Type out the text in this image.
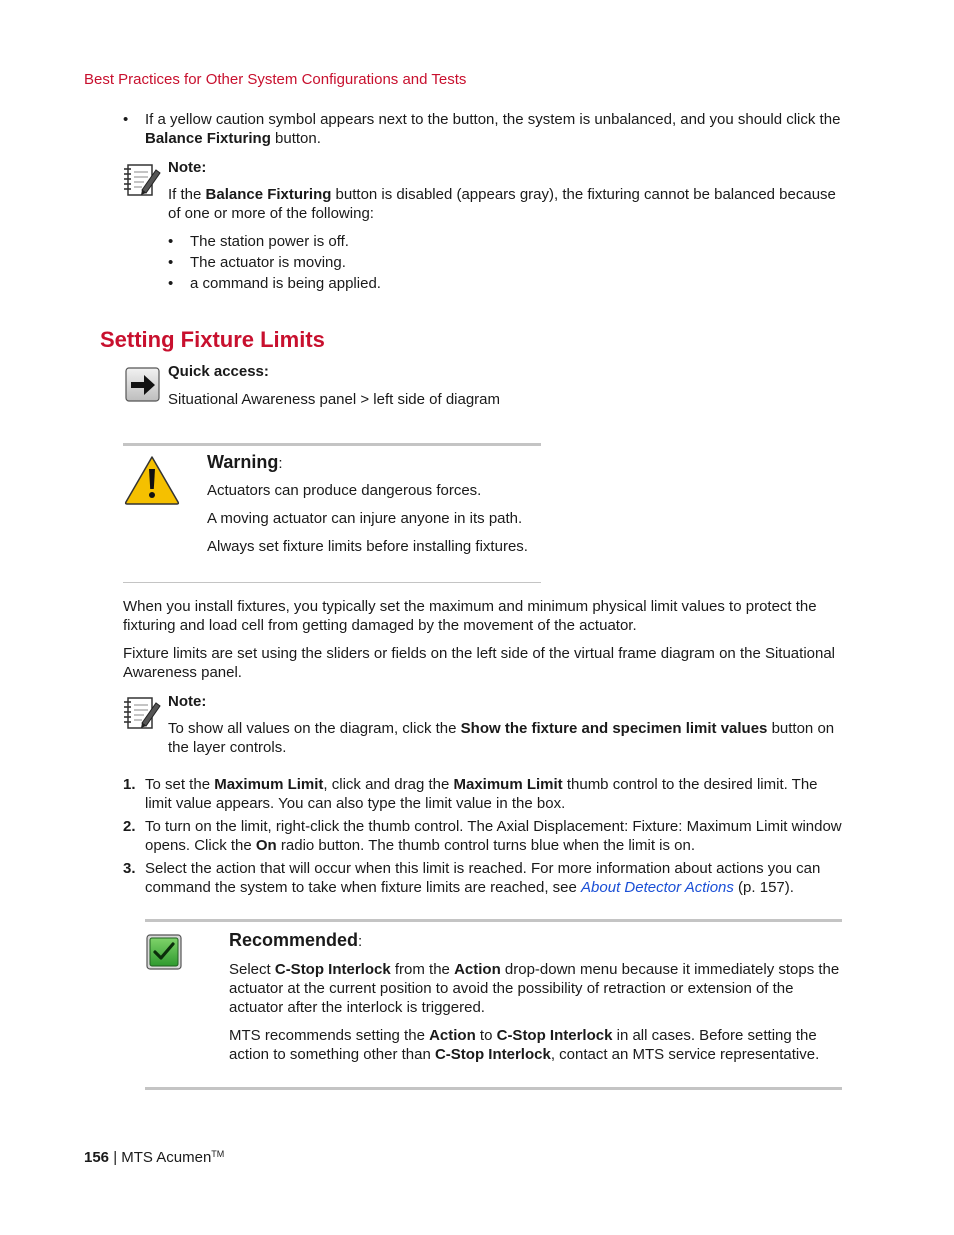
Best Practices for Other System Configurations and Tests
• If a yellow caution symbol appears next to the button, the system is unbalanced, and you should click the Balance Fixturing button.
Note:
If the Balance Fixturing button is disabled (appears gray), the fixturing cannot be balanced because of one or more of the following:
• The station power is off.
• The actuator is moving.
• a command is being applied.
Setting Fixture Limits
Quick access:
Situational Awareness panel > left side of diagram
Warning:
Actuators can produce dangerous forces.
A moving actuator can injure anyone in its path.
Always set fixture limits before installing fixtures.
When you install fixtures, you typically set the maximum and minimum physical limit values to protect the fixturing and load cell from getting damaged by the movement of the actuator.
Fixture limits are set using the sliders or fields on the left side of the virtual frame diagram on the Situational Awareness panel.
Note:
To show all values on the diagram, click the Show the fixture and specimen limit values button on the layer controls.
1. To set the Maximum Limit, click and drag the Maximum Limit thumb control to the desired limit. The limit value appears. You can also type the limit value in the box.
2. To turn on the limit, right-click the thumb control. The Axial Displacement: Fixture: Maximum Limit window opens. Click the On radio button. The thumb control turns blue when the limit is on.
3. Select the action that will occur when this limit is reached. For more information about actions you can command the system to take when fixture limits are reached, see About Detector Actions (p. 157).
Recommended:
Select C-Stop Interlock from the Action drop-down menu because it immediately stops the actuator at the current position to avoid the possibility of retraction or extension of the actuator after the interlock is triggered.
MTS recommends setting the Action to C-Stop Interlock in all cases. Before setting the action to something other than C-Stop Interlock, contact an MTS service representative.
156 | MTS Acumen™
